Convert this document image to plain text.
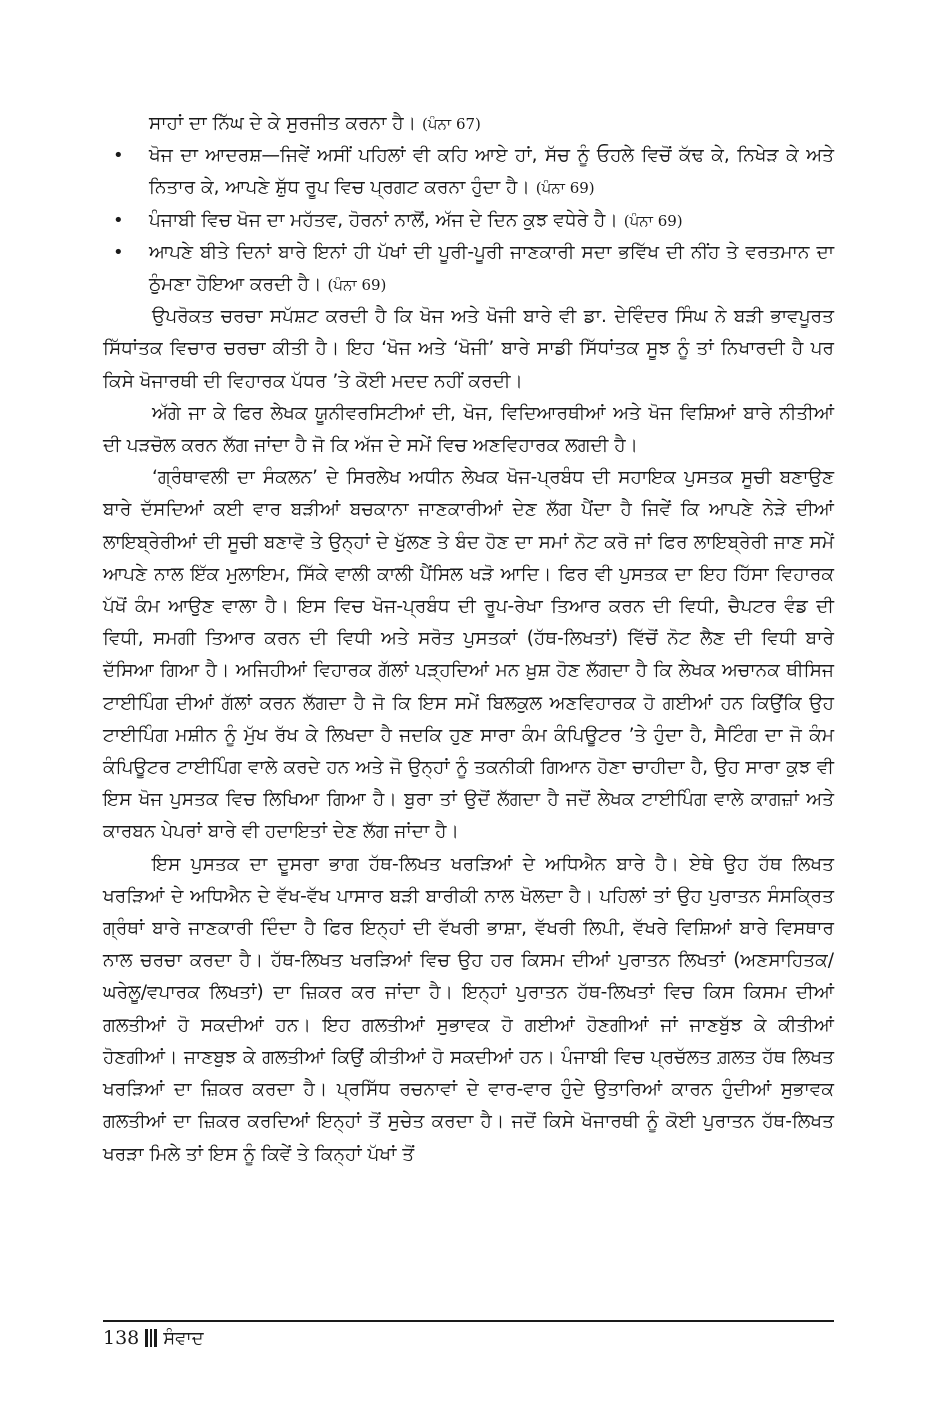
ਸਾਹਾਂ ਦਾ ਨਿੱਘ ਦੇ ਕੇ ਸੁਰਜੀਤ ਕਰਨਾ ਹੈ। (ਪੰਨਾ 67)

• ਖੋਜ ਦਾ ਆਦਰਸ਼—ਜਿਵੇਂ ਅਸੀਂ ਪਹਿਲਾਂ ਵੀ ਕਹਿ ਆਏ ਹਾਂ, ਸੱਚ ਨੂੰ ਓਹਲੇ ਵਿਚੋਂ ਕੱਢ ਕੇ, ਨਿਖੇੜ ਕੇ ਅਤੇ ਨਿਤਾਰ ਕੇ, ਆਪਣੇ ਸ਼ੁੱਧ ਰੂਪ ਵਿਚ ਪ੍ਰਗਟ ਕਰਨਾ ਹੁੰਦਾ ਹੈ। (ਪੰਨਾ 69)
• ਪੰਜਾਬੀ ਵਿਚ ਖੋਜ ਦਾ ਮਹੱਤਵ, ਹੋਰਨਾਂ ਨਾਲੋਂ, ਅੱਜ ਦੇ ਦਿਨ ਕੁਝ ਵਧੇਰੇ ਹੈ। (ਪੰਨਾ 69)
• ਆਪਣੇ ਬੀਤੇ ਦਿਨਾਂ ਬਾਰੇ ਇਨਾਂ ਹੀ ਪੱਖਾਂ ਦੀ ਪੂਰੀ-ਪੂਰੀ ਜਾਣਕਾਰੀ ਸਦਾ ਭਵਿੱਖ ਦੀ ਨੀਂਹ ਤੇ ਵਰਤਮਾਨ ਦਾ ਠੁੰਮਣਾ ਹੋਇਆ ਕਰਦੀ ਹੈ। (ਪੰਨਾ 69)

ਉਪਰੋਕਤ ਚਰਚਾ ਸਪੱਸ਼ਟ ਕਰਦੀ ਹੈ ਕਿ ਖੋਜ ਅਤੇ ਖੋਜੀ ਬਾਰੇ ਵੀ ਡਾ. ਦੇਵਿੰਦਰ ਸਿੰਘ ਨੇ ਬੜੀ ਭਾਵਪੂਰਤ ਸਿੱਧਾਂਤਕ ਵਿਚਾਰ ਚਰਚਾ ਕੀਤੀ ਹੈ। ਇਹ ‘ਖੋਜ ਅਤੇ ‘ਖੋਜੀ’ ਬਾਰੇ ਸਾਡੀ ਸਿੱਧਾਂਤਕ ਸੂਝ ਨੂੰ ਤਾਂ ਨਿਖਾਰਦੀ ਹੈ ਪਰ ਕਿਸੇ ਖੋਜਾਰਥੀ ਦੀ ਵਿਹਾਰਕ ਪੱਧਰ ’ਤੇ ਕੋਈ ਮਦਦ ਨਹੀਂ ਕਰਦੀ।

ਅੱਗੇ ਜਾ ਕੇ ਫਿਰ ਲੇਖਕ ਯੂਨੀਵਰਸਿਟੀਆਂ ਦੀ, ਖੋਜ, ਵਿਦਿਆਰਥੀਆਂ ਅਤੇ ਖੋਜ ਵਿਸ਼ਿਆਂ ਬਾਰੇ ਨੀਤੀਆਂ ਦੀ ਪੜਚੋਲ ਕਰਨ ਲੱਗ ਜਾਂਦਾ ਹੈ ਜੋ ਕਿ ਅੱਜ ਦੇ ਸਮੇਂ ਵਿਚ ਅਣਵਿਹਾਰਕ ਲਗਦੀ ਹੈ।

‘ਗ੍ਰੰਥਾਵਲੀ ਦਾ ਸੰਕਲਨ’ ਦੇ ਸਿਰਲੇਖ ਅਧੀਨ ਲੇਖਕ ਖੋਜ-ਪ੍ਰਬੰਧ ਦੀ ਸਹਾਇਕ ਪੁਸਤਕ ਸੂਚੀ ਬਣਾਉਣ ਬਾਰੇ ਦੱਸਦਿਆਂ ਕਈ ਵਾਰ ਬੜੀਆਂ ਬਚਕਾਨਾ ਜਾਣਕਾਰੀਆਂ ਦੇਣ ਲੱਗ ਪੈਂਦਾ ਹੈ ਜਿਵੇਂ ਕਿ ਆਪਣੇ ਨੇੜੇ ਦੀਆਂ ਲਾਇਬ੍ਰੇਰੀਆਂ ਦੀ ਸੂਚੀ ਬਣਾਵੋ ਤੇ ਉਨ੍ਹਾਂ ਦੇ ਖੁੱਲਣ ਤੇ ਬੰਦ ਹੋਣ ਦਾ ਸਮਾਂ ਨੋਟ ਕਰੋ ਜਾਂ ਫਿਰ ਲਾਇਬ੍ਰੇਰੀ ਜਾਣ ਸਮੇਂ ਆਪਣੇ ਨਾਲ ਇੱਕ ਮੁਲਾਇਮ, ਸਿੱਕੇ ਵਾਲੀ ਕਾਲੀ ਪੈਂਸਿਲ ਖੜੋ ਆਦਿ। ਫਿਰ ਵੀ ਪੁਸਤਕ ਦਾ ਇਹ ਹਿੱਸਾ ਵਿਹਾਰਕ ਪੱਖੋਂ ਕੰਮ ਆਉਣ ਵਾਲਾ ਹੈ। ਇਸ ਵਿਚ ਖੋਜ-ਪ੍ਰਬੰਧ ਦੀ ਰੂਪ-ਰੇਖਾ ਤਿਆਰ ਕਰਨ ਦੀ ਵਿਧੀ, ਚੈਪਟਰ ਵੰਡ ਦੀ ਵਿਧੀ, ਸਮਗੀ ਤਿਆਰ ਕਰਨ ਦੀ ਵਿਧੀ ਅਤੇ ਸਰੋਤ ਪੁਸਤਕਾਂ (ਹੱਥ-ਲਿਖਤਾਂ) ਵਿੱਚੋਂ ਨੋਟ ਲੈਣ ਦੀ ਵਿਧੀ ਬਾਰੇ ਦੱਸਿਆ ਗਿਆ ਹੈ। ਅਜਿਹੀਆਂ ਵਿਹਾਰਕ ਗੱਲਾਂ ਪੜ੍ਹਦਿਆਂ ਮਨ ਖ਼ੁਸ਼ ਹੋਣ ਲੱਗਦਾ ਹੈ ਕਿ ਲੇਖਕ ਅਚਾਨਕ ਥੀਸਿਜ ਟਾਈਪਿੰਗ ਦੀਆਂ ਗੱਲਾਂ ਕਰਨ ਲੱਗਦਾ ਹੈ ਜੋ ਕਿ ਇਸ ਸਮੇਂ ਬਿਲਕੁਲ ਅਣਵਿਹਾਰਕ ਹੋ ਗਈਆਂ ਹਨ ਕਿਉਂਕਿ ਉਹ ਟਾਈਪਿੰਗ ਮਸ਼ੀਨ ਨੂੰ ਮੁੱਖ ਰੱਖ ਕੇ ਲਿਖਦਾ ਹੈ ਜਦਕਿ ਹੁਣ ਸਾਰਾ ਕੰਮ ਕੰਪਿਊਟਰ ’ਤੇ ਹੁੰਦਾ ਹੈ, ਸੈਟਿੰਗ ਦਾ ਜੋ ਕੰਮ ਕੰਪਿਊਟਰ ਟਾਈਪਿੰਗ ਵਾਲੇ ਕਰਦੇ ਹਨ ਅਤੇ ਜੋ ਉਨ੍ਹਾਂ ਨੂੰ ਤਕਨੀਕੀ ਗਿਆਨ ਹੋਣਾ ਚਾਹੀਦਾ ਹੈ, ਉਹ ਸਾਰਾ ਕੁਝ ਵੀ ਇਸ ਖੋਜ ਪੁਸਤਕ ਵਿਚ ਲਿਖਿਆ ਗਿਆ ਹੈ। ਬੁਰਾ ਤਾਂ ਉਦੋਂ ਲੱਗਦਾ ਹੈ ਜਦੋਂ ਲੇਖਕ ਟਾਈਪਿੰਗ ਵਾਲੇ ਕਾਗਜ਼ਾਂ ਅਤੇ ਕਾਰਬਨ ਪੇਪਰਾਂ ਬਾਰੇ ਵੀ ਹਦਾਇਤਾਂ ਦੇਣ ਲੱਗ ਜਾਂਦਾ ਹੈ।

ਇਸ ਪੁਸਤਕ ਦਾ ਦੂਸਰਾ ਭਾਗ ਹੱਥ-ਲਿਖਤ ਖਰੜਿਆਂ ਦੇ ਅਧਿਐਨ ਬਾਰੇ ਹੈ। ਏਥੇ ਉਹ ਹੱਥ ਲਿਖਤ ਖਰੜਿਆਂ ਦੇ ਅਧਿਐਨ ਦੇ ਵੱਖ-ਵੱਖ ਪਾਸਾਰ ਬੜੀ ਬਾਰੀਕੀ ਨਾਲ ਖੋਲਦਾ ਹੈ। ਪਹਿਲਾਂ ਤਾਂ ਉਹ ਪੁਰਾਤਨ ਸੰਸਕ੍ਰਿਤ ਗ੍ਰੰਥਾਂ ਬਾਰੇ ਜਾਣਕਾਰੀ ਦਿੰਦਾ ਹੈ ਫਿਰ ਇਨ੍ਹਾਂ ਦੀ ਵੱਖਰੀ ਭਾਸ਼ਾ, ਵੱਖਰੀ ਲਿਪੀ, ਵੱਖਰੇ ਵਿਸ਼ਿਆਂ ਬਾਰੇ ਵਿਸਥਾਰ ਨਾਲ ਚਰਚਾ ਕਰਦਾ ਹੈ। ਹੱਥ-ਲਿਖਤ ਖਰੜਿਆਂ ਵਿਚ ਉਹ ਹਰ ਕਿਸਮ ਦੀਆਂ ਪੁਰਾਤਨ ਲਿਖਤਾਂ (ਅਣਸਾਹਿਤਕ/ਘਰੇਲੂ/ਵਪਾਰਕ ਲਿਖਤਾਂ) ਦਾ ਜ਼ਿਕਰ ਕਰ ਜਾਂਦਾ ਹੈ। ਇਨ੍ਹਾਂ ਪੁਰਾਤਨ ਹੱਥ-ਲਿਖਤਾਂ ਵਿਚ ਕਿਸ ਕਿਸਮ ਦੀਆਂ ਗਲਤੀਆਂ ਹੋ ਸਕਦੀਆਂ ਹਨ। ਇਹ ਗਲਤੀਆਂ ਸੁਭਾਵਕ ਹੋ ਗਈਆਂ ਹੋਣਗੀਆਂ ਜਾਂ ਜਾਣਬੁੱਝ ਕੇ ਕੀਤੀਆਂ ਹੋਣਗੀਆਂ। ਜਾਣਬੁਝ ਕੇ ਗਲਤੀਆਂ ਕਿਉਂ ਕੀਤੀਆਂ ਹੋ ਸਕਦੀਆਂ ਹਨ। ਪੰਜਾਬੀ ਵਿਚ ਪ੍ਰਚੱਲਤ ਗ਼ਲਤ ਹੱਥ ਲਿਖਤ ਖਰੜਿਆਂ ਦਾ ਜ਼ਿਕਰ ਕਰਦਾ ਹੈ। ਪ੍ਰਸਿੱਧ ਰਚਨਾਵਾਂ ਦੇ ਵਾਰ-ਵਾਰ ਹੁੰਦੇ ਉਤਾਰਿਆਂ ਕਾਰਨ ਹੁੰਦੀਆਂ ਸੁਭਾਵਕ ਗਲਤੀਆਂ ਦਾ ਜ਼ਿਕਰ ਕਰਦਿਆਂ ਇਨ੍ਹਾਂ ਤੋਂ ਸੁਚੇਤ ਕਰਦਾ ਹੈ। ਜਦੋਂ ਕਿਸੇ ਖੋਜਾਰਥੀ ਨੂੰ ਕੋਈ ਪੁਰਾਤਨ ਹੱਥ-ਲਿਖਤ ਖਰੜਾ ਮਿਲੇ ਤਾਂ ਇਸ ਨੂੰ ਕਿਵੇਂ ਤੇ ਕਿਨ੍ਹਾਂ ਪੱਖਾਂ ਤੋਂ

138 ਸੰਵਾਦ
